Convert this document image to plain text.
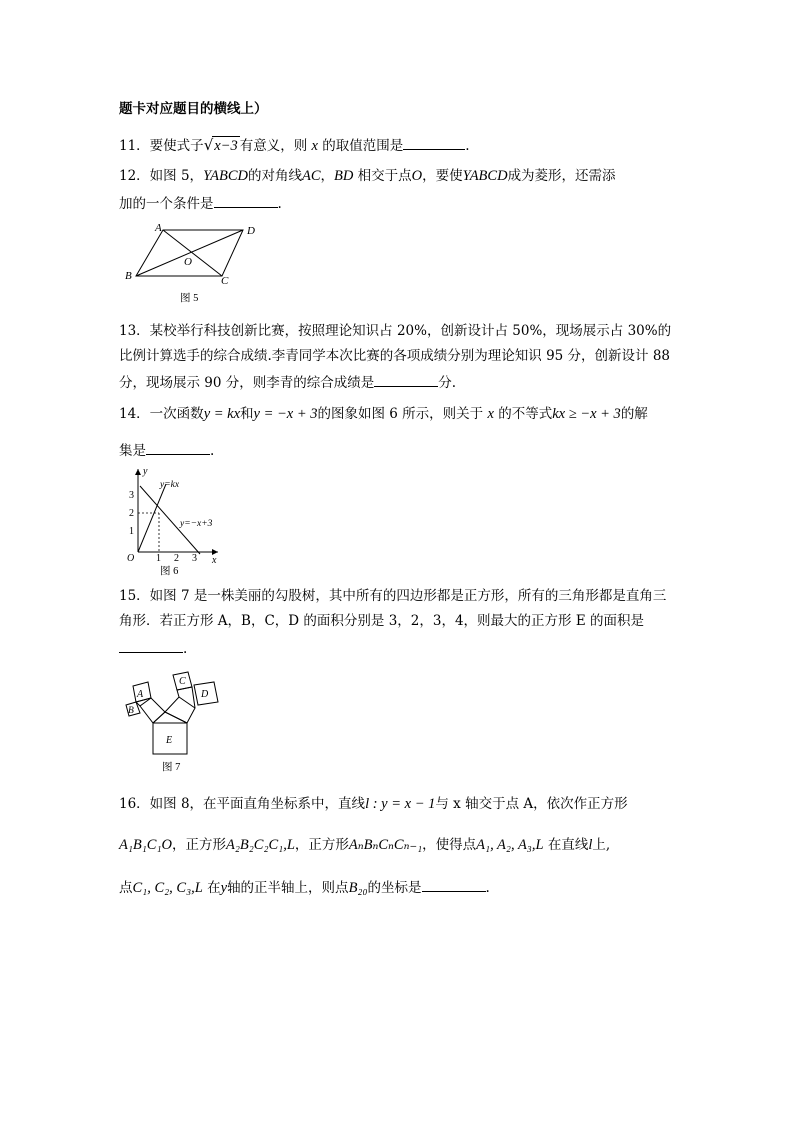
题卡对应题目的横线上）
11．要使式子√x−3 有意义，则 x 的取值范围是	.
12．如图 5，YABCD的对角线AC，BD 相交于点O，要使YABCD成为菱形，还需添
加的一个条件是	.
A	D
O
B	C
图 5
13．某校举行科技创新比赛，按照理论知识占 20%，创新设计占 50%，现场展示占 30%的
比例计算选手的综合成绩.李青同学本次比赛的各项成绩分别为理论知识 95 分，创新设计 88
分，现场展示 90 分，则李青的综合成绩是	分.
14．一次函数y = kx和y = −x + 3的图象如图 6 所示，则关于 x 的不等式kx ≥ −x + 3的解
集是	.
y
x
O
1
2
3
1 2 3
y=kx
y=−x+3
图 6
15．如图 7 是一株美丽的勾股树，其中所有的四边形都是正方形，所有的三角形都是直角三
角形．若正方形 A，B，C，D 的面积分别是 3，2，3，4，则最大的正方形 E 的面积是
.
E
A
B
C
D
图 7
16．如图 8，在平面直角坐标系中，直线l : y = x − 1与 x 轴交于点 A，依次作正方形
A₁B₁C₁O，正方形A₂B₂C₂C₁,L，正方形AₙBₙCₙCₙ₋₁，使得点A₁, A₂, A₃,L 在直线l上,
点C₁, C₂, C₃,L 在y轴的正半轴上，则点B₂₀的坐标是	.
